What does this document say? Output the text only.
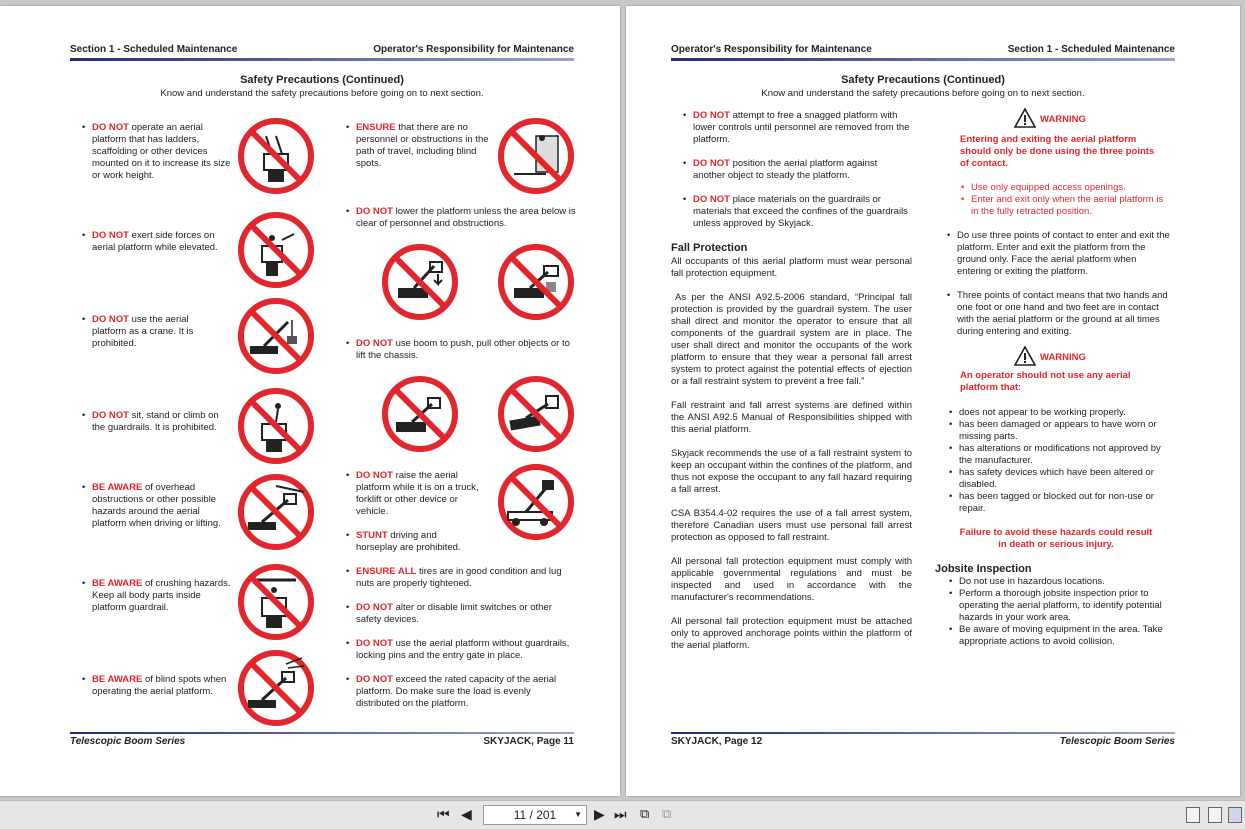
Section 1 - Scheduled Maintenance	Operator's Responsibility for Maintenance
Safety Precautions (Continued)
Know and understand the safety precautions before going on to next section.
• DO NOT operate an aerial platform that has ladders, scaffolding or other devices mounted on it to increase its size or work height.
• DO NOT exert side forces on aerial platform while elevated.
• DO NOT use the aerial platform as a crane. It is prohibited.
• DO NOT sit, stand or climb on the guardrails. It is prohibited.
• BE AWARE of overhead obstructions or other possible hazards around the aerial platform when driving or lifting.
• BE AWARE of crushing hazards. Keep all body parts inside platform guardrail.
• BE AWARE of blind spots when operating the aerial platform.
• ENSURE that there are no personnel or obstructions in the path of travel, including blind spots.
• DO NOT lower the platform unless the area below is clear of personnel and obstructions.
• DO NOT use boom to push, pull other objects or to lift the chassis.
• DO NOT raise the aerial platform while it is on a truck, forklift or other device or vehicle.
• STUNT driving and horseplay are prohibited.
• ENSURE ALL tires are in good condition and lug nuts are properly tightened.
• DO NOT alter or disable limit switches or other safety devices.
• DO NOT use the aerial platform without guardrails, locking pins and the entry gate in place.
• DO NOT exceed the rated capacity of the aerial platform. Do make sure the load is evenly distributed on the platform.
Telescopic Boom Series	SKYJACK, Page 11
Operator's Responsibility for Maintenance	Section 1 - Scheduled Maintenance
Safety Precautions (Continued)
Know and understand the safety precautions before going on to next section.
• DO NOT attempt to free a snagged platform with lower controls until personnel are removed from the platform.
• DO NOT position the aerial platform against another object to steady the platform.
• DO NOT place materials on the guardrails or materials that exceed the confines of the guardrails unless approved by Skyjack.
Fall Protection
All occupants of this aerial platform must wear personal fall protection equipment.
As per the ANSI A92.5-2006 standard, “Principal fall protection is provided by the guardrail system. The user shall direct and monitor the operator to ensure that all components of the guardrail system are in place. The user shall direct and monitor the occupants of the work platform to ensure that they wear a personal fall arrest system to protect against the potential effects of ejection or a fall restraint system to prevent a free fall.”
Fall restraint and fall arrest systems are defined within the ANSI A92.5 Manual of Responsibilities shipped with this aerial platform.
Skyjack recommends the use of a fall restraint system to keep an occupant within the confines of the platform, and thus not expose the occupant to any fall hazard requiring a fall arrest.
CSA B354.4-02 requires the use of a fall arrest system, therefore Canadian users must use personal fall arrest protection as opposed to fall restraint.
All personal fall protection equipment must comply with applicable governmental regulations and must be inspected and used in accordance with the manufacturer's recommendations.
All personal fall protection equipment must be attached only to approved anchorage points within the platform of the aerial platform.
WARNING
Entering and exiting the aerial platform should only be done using the three points of contact.
• Use only equipped access openings.
• Enter and exit only when the aerial platform is in the fully retracted position.
• Do use three points of contact to enter and exit the platform. Enter and exit the platform from the ground only. Face the aerial platform when entering or exiting the platform.
• Three points of contact means that two hands and one foot or one hand and two feet are in contact with the aerial platform or the ground at all times during entering and exiting.
WARNING
An operator should not use any aerial platform that:
• does not appear to be working properly.
• has been damaged or appears to have worn or missing parts.
• has alterations or modifications not approved by the manufacturer.
• has safety devices which have been altered or disabled.
• has been tagged or blocked out for non-use or repair.
Failure to avoid these hazards could result in death or serious injury.
Jobsite Inspection
• Do not use in hazardous locations.
• Perform a thorough jobsite inspection prior to operating the aerial platform, to identify potential hazards in your work area.
• Be aware of moving equipment in the area. Take appropriate actions to avoid collision.
SKYJACK, Page 12	Telescopic Boom Series
⏮ ◀	11 / 201 ▼ ▶ ⏭ ⧉ ⧉
